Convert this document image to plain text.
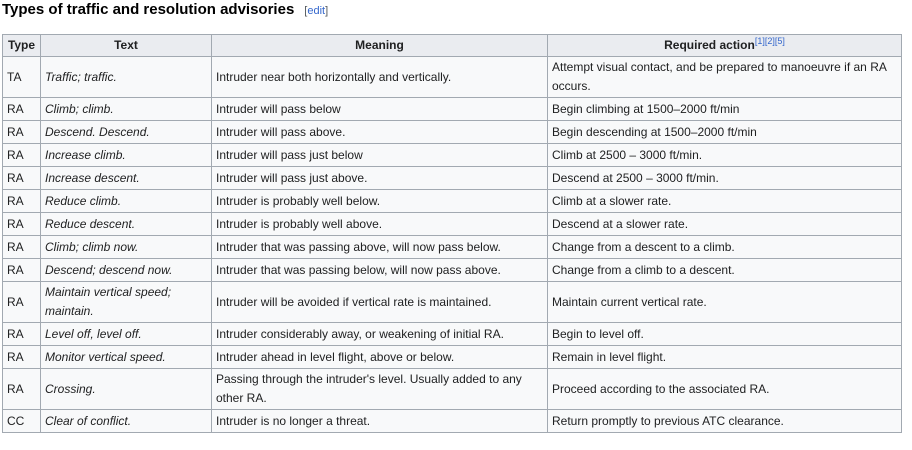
Types of traffic and resolution advisories [edit]
Type	Text	Meaning	Required action[1][2][5]
TA	Traffic; traffic.	Intruder near both horizontally and vertically.	Attempt visual contact, and be prepared to manoeuvre if an RA occurs.
RA	Climb; climb.	Intruder will pass below	Begin climbing at 1500–2000 ft/min
RA	Descend. Descend.	Intruder will pass above.	Begin descending at 1500–2000 ft/min
RA	Increase climb.	Intruder will pass just below	Climb at 2500 – 3000 ft/min.
RA	Increase descent.	Intruder will pass just above.	Descend at 2500 – 3000 ft/min.
RA	Reduce climb.	Intruder is probably well below.	Climb at a slower rate.
RA	Reduce descent.	Intruder is probably well above.	Descend at a slower rate.
RA	Climb; climb now.	Intruder that was passing above, will now pass below.	Change from a descent to a climb.
RA	Descend; descend now.	Intruder that was passing below, will now pass above.	Change from a climb to a descent.
RA	Maintain vertical speed; maintain.	Intruder will be avoided if vertical rate is maintained.	Maintain current vertical rate.
RA	Level off, level off.	Intruder considerably away, or weakening of initial RA.	Begin to level off.
RA	Monitor vertical speed.	Intruder ahead in level flight, above or below.	Remain in level flight.
RA	Crossing.	Passing through the intruder's level. Usually added to any other RA.	Proceed according to the associated RA.
CC	Clear of conflict.	Intruder is no longer a threat.	Return promptly to previous ATC clearance.
